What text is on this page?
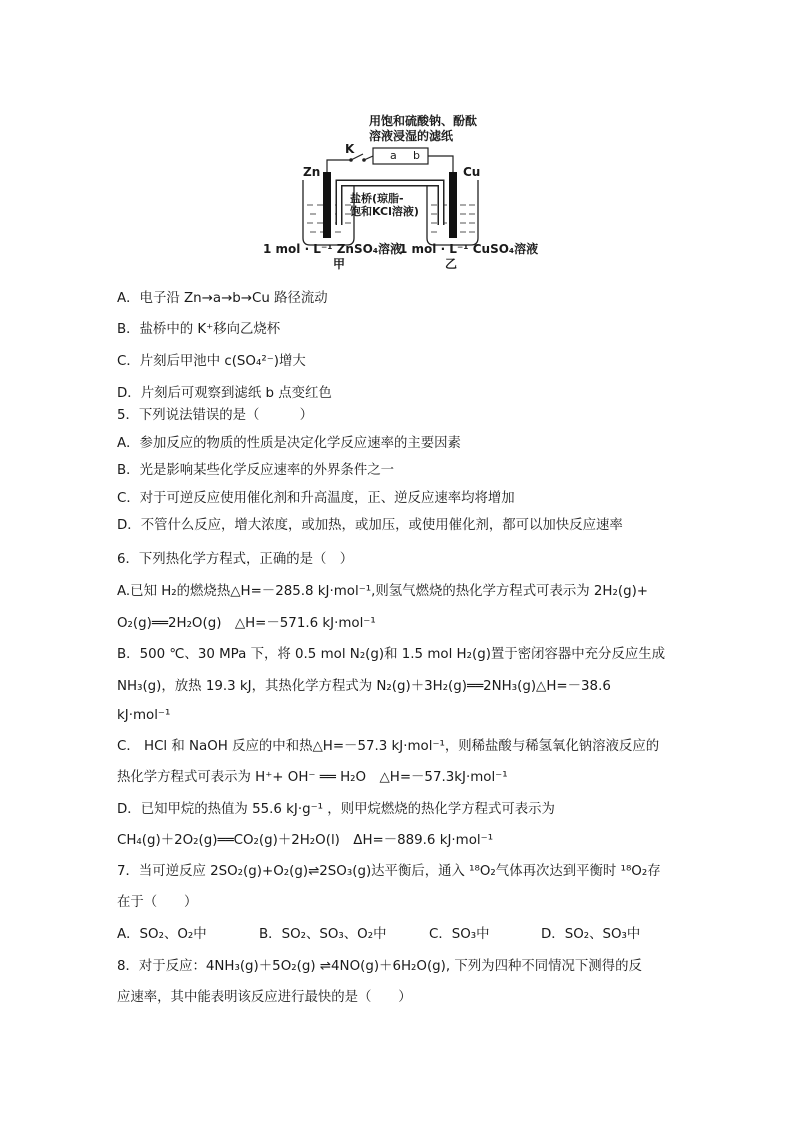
用饱和硫酸钠、酚酞
溶液浸湿的滤纸
K	a b
Zn	Cu
盐桥(琼脂-
饱和KCl溶液)
1 mol · L⁻¹ ZnSO₄溶液
1 mol · L⁻¹ CuSO₄溶液
甲	乙
A．电子沿 Zn→a→b→Cu 路径流动
B．盐桥中的 K⁺移向乙烧杯
C．片刻后甲池中 c(SO₄²⁻)增大
D．片刻后可观察到滤纸 b 点变红色
5．下列说法错误的是（　　　）
A．参加反应的物质的性质是决定化学反应速率的主要因素
B．光是影响某些化学反应速率的外界条件之一
C．对于可逆反应使用催化剂和升高温度，正、逆反应速率均将增加
D．不管什么反应，增大浓度，或加热，或加压，或使用催化剂，都可以加快反应速率
6．下列热化学方程式，正确的是（　）
A.已知 H₂的燃烧热△H=－285.8 kJ·mol⁻¹,则氢气燃烧的热化学方程式可表示为 2H₂(g)+
O₂(g)══2H₂O(g)　△H=－571.6 kJ·mol⁻¹
B．500 ℃、30 MPa 下，将 0.5 mol N₂(g)和 1.5 mol H₂(g)置于密闭容器中充分反应生成
NH₃(g)，放热 19.3 kJ，其热化学方程式为 N₂(g)＋3H₂(g)══2NH₃(g)△H=－38.6
kJ·mol⁻¹
C． HCl 和 NaOH 反应的中和热△H=－57.3 kJ·mol⁻¹，则稀盐酸与稀氢氧化钠溶液反应的
热化学方程式可表示为 H⁺+ OH⁻ ══ H₂O　△H=－57.3kJ·mol⁻¹
D．已知甲烷的热值为 55.6 kJ·g⁻¹ ，则甲烷燃烧的热化学方程式可表示为
CH₄(g)＋2O₂(g)══CO₂(g)＋2H₂O(l)　ΔH=－889.6 kJ·mol⁻¹
7．当可逆反应 2SO₂(g)+O₂(g)⇌2SO₃(g)达平衡后，通入 ¹⁸O₂气体再次达到平衡时 ¹⁸O₂存
在于（　　）
A．SO₂、O₂中	B．SO₂、SO₃、O₂中	C．SO₃中	D．SO₂、SO₃中
8．对于反应：4NH₃(g)＋5O₂(g) ⇌4NO(g)＋6H₂O(g), 下列为四种不同情况下测得的反
应速率，其中能表明该反应进行最快的是（　　）
